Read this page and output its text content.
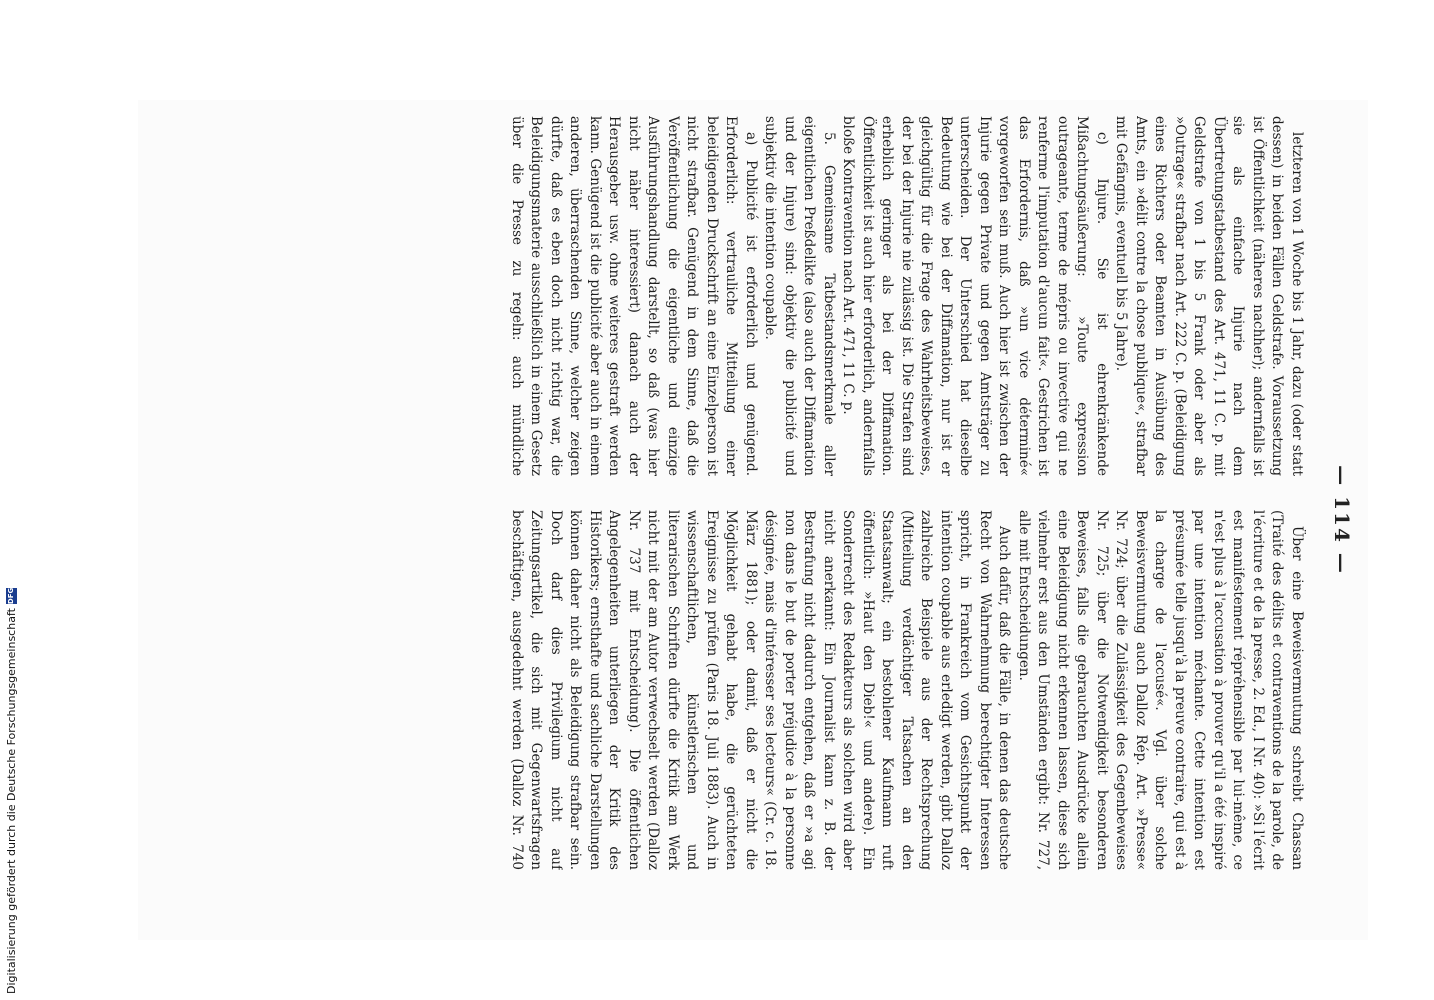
Digitalisierung gefördert durch die Deutsche Forschungsgemeinschaft
DFG
— 114 —

letzteren von 1 Woche bis 1 Jahr, dazu (oder statt dessen) in beiden Fällen Geldstrafe. Voraussetzung ist Öffentlichkeit (näheres nachher); andernfalls ist sie als einfache Injurie nach dem Übertretungstatbestand des Art. 471, 11 C. p. mit Geldstrafe von 1 bis 5 Frank oder aber als »Outrage« strafbar nach Art. 222 C. p. (Beleidigung eines Richters oder Beamten in Ausübung des Amts, ein »délit contre la chose publique«, strafbar mit Gefängnis, eventuell bis 5 Jahre).

c) Injure. Sie ist ehrenkränkende Mißachtungsäußerung: »Toute expression outrageante, terme de mépris ou invective qui ne renferme l'imputation d'aucun fait«. Gestrichen ist das Erfordernis, daß »un vice déterminé« vorgeworfen sein muß. Auch hier ist zwischen der Injurie gegen Private und gegen Amtsträger zu unterscheiden. Der Unterschied hat dieselbe Bedeutung wie bei der Diffamation, nur ist er gleichgültig für die Frage des Wahrheitsbeweises, der bei der Injurie nie zulässig ist. Die Strafen sind erheblich geringer als bei der Diffamation. Öffentlichkeit ist auch hier erforderlich, andernfalls bloße Kontravention nach Art. 471, 11 C. p.

5. Gemeinsame Tatbestandsmerkmale aller eigentlichen Preßdelikte (also auch der Diffamation und der Injure) sind: objektiv die publicité und subjektiv die intention coupable.

a) Publicité ist erforderlich und genügend. Erforderlich: vertrauliche Mitteilung einer beleidigenden Druckschrift an eine Einzelperson ist nicht strafbar. Genügend in dem Sinne, daß die Veröffentlichung die eigentliche und einzige Ausführungshandlung darstellt, so daß (was hier nicht näher interessiert) danach auch der Herausgeber usw. ohne weiteres gestraft werden kann. Genügend ist die publicité aber auch in einem anderen, überraschenden Sinne, welcher zeigen dürfte, daß es eben doch nicht richtig war, die Beleidigungsmaterie ausschließlich in einem Gesetz über die Presse zu regeln: auch mündliche

Über eine Beweisvermutung schreibt Chassan (Traité des délits et contraventions de la parole, de l'écriture et de la presse, 2. Ed., I Nr. 40): »Si l'écrit est manifestement répréhensible par lui-même, ce n'est plus à l'accusation à prouver qu'il a été inspiré par une intention méchante. Cette intention est présumée telle jusqu'à la preuve contraire, qui est à la charge de l'accusé«. Vgl. über solche Beweisvermutung auch Dalloz Rép. Art. »Presse« Nr. 724; über die Zulässigkeit des Gegenbeweises Nr. 725; über die Notwendigkeit besonderen Beweises, falls die gebrauchten Ausdrücke allein eine Beleidigung nicht erkennen lassen, diese sich vielmehr erst aus den Umständen ergibt: Nr. 727, alle mit Entscheidungen.

Auch dafür, daß die Fälle, in denen das deutsche Recht von Wahrnehmung berechtigter Interessen spricht, in Frankreich vom Gesichtspunkt der intention coupable aus erledigt werden, gibt Dalloz zahlreiche Beispiele aus der Rechtsprechung (Mitteilung verdächtiger Tatsachen an den Staatsanwalt; ein bestohlener Kaufmann ruft öffentlich: »Haut den Dieb!« und andere). Ein Sonderrecht des Redakteurs als solchen wird aber nicht anerkannt: Ein Journalist kann z. B. der Bestrafung nicht dadurch entgehen, daß er »a agi non dans le but de porter préjudice à la personne désignée, mais d'intéresser ses lecteurs« (Cr. c. 18. März 1881); oder damit, daß er nicht die Möglichkeit gehabt habe, die gerüchteten Ereignisse zu prüfen (Paris 18. Juli 1883). Auch in wissenschaftlichen, künstlerischen und literarischen Schriften dürfte die Kritik am Werk nicht mit der am Autor verwechselt werden (Dalloz Nr. 737 mit Entscheidung). Die öffentlichen Angelegenheiten unterliegen der Kritik des Historikers; ernsthafte und sachliche Darstellungen können daher nicht als Beleidigung strafbar sein. Doch darf dies Privilegium nicht auf Zeitungsartikel, die sich mit Gegenwartsfragen beschäftigen, ausgedehnt werden (Dalloz Nr. 740
